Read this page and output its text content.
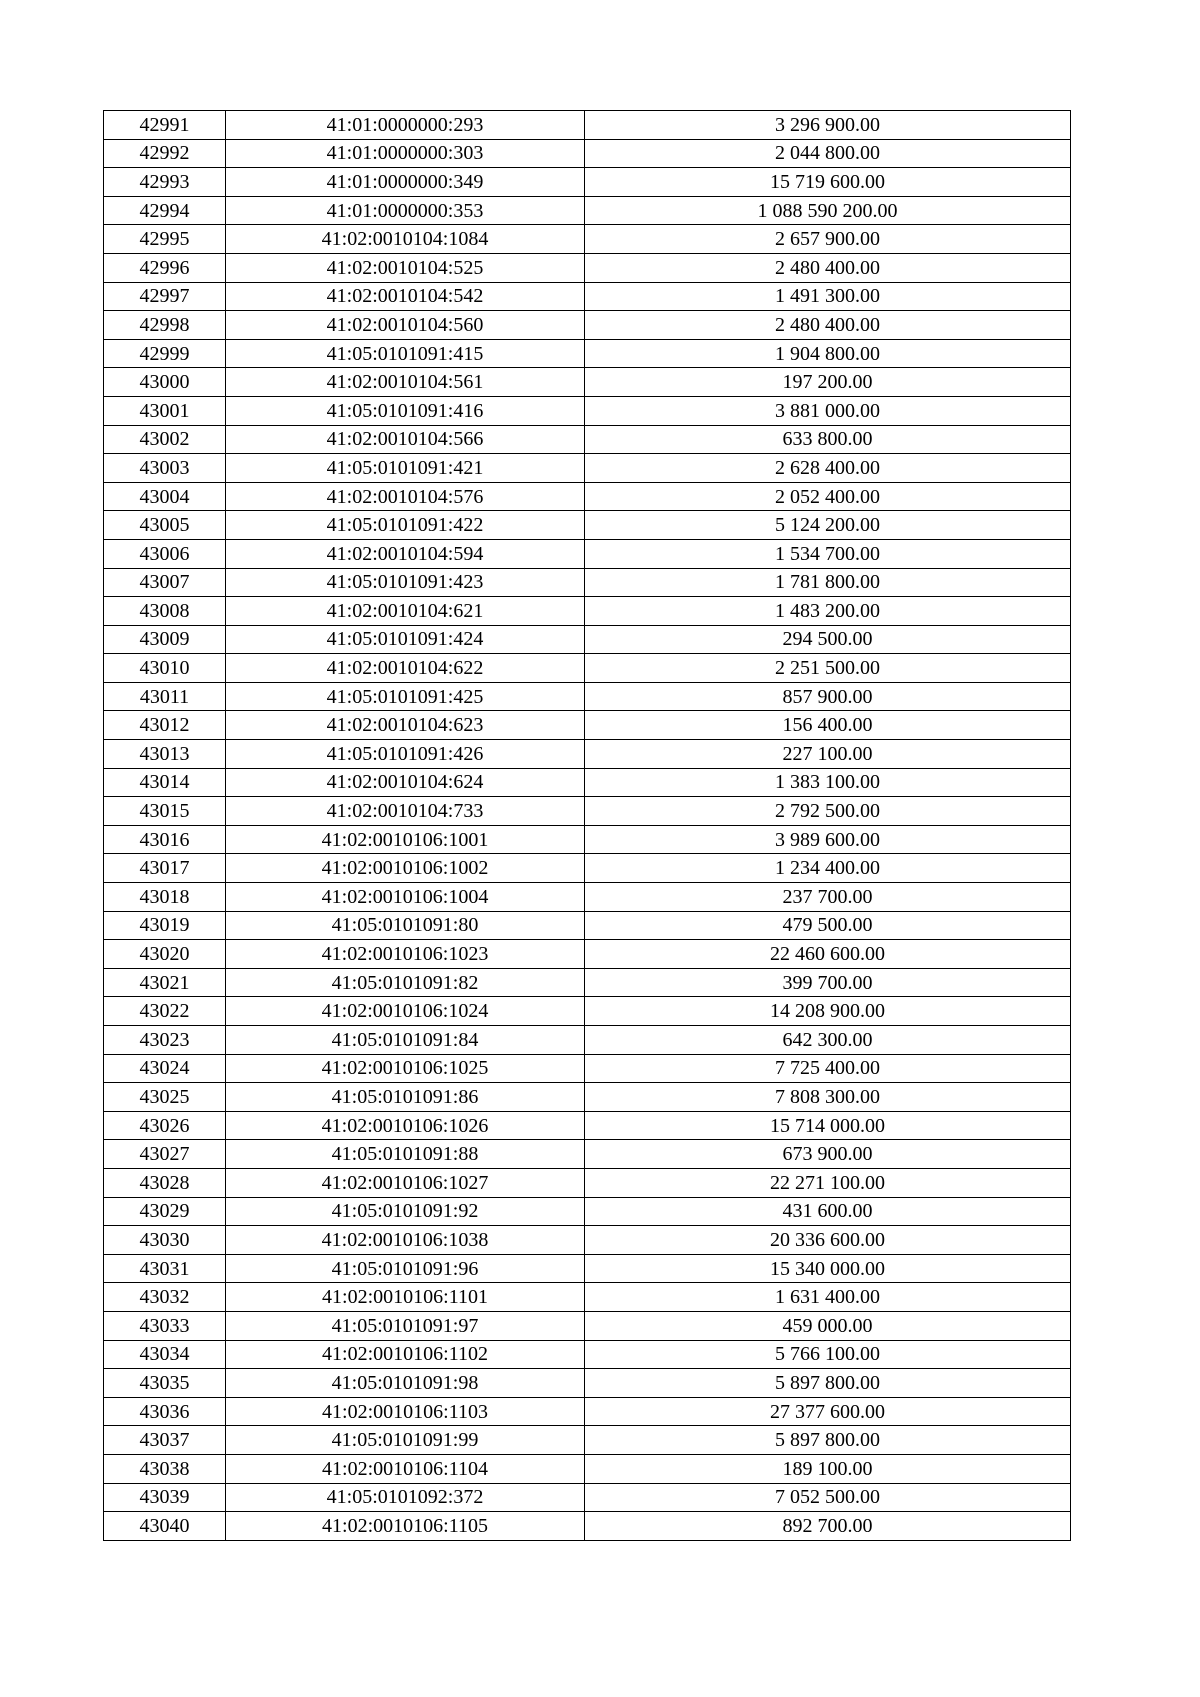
42991	41:01:0000000:293	3 296 900.00
42992	41:01:0000000:303	2 044 800.00
42993	41:01:0000000:349	15 719 600.00
42994	41:01:0000000:353	1 088 590 200.00
42995	41:02:0010104:1084	2 657 900.00
42996	41:02:0010104:525	2 480 400.00
42997	41:02:0010104:542	1 491 300.00
42998	41:02:0010104:560	2 480 400.00
42999	41:05:0101091:415	1 904 800.00
43000	41:02:0010104:561	197 200.00
43001	41:05:0101091:416	3 881 000.00
43002	41:02:0010104:566	633 800.00
43003	41:05:0101091:421	2 628 400.00
43004	41:02:0010104:576	2 052 400.00
43005	41:05:0101091:422	5 124 200.00
43006	41:02:0010104:594	1 534 700.00
43007	41:05:0101091:423	1 781 800.00
43008	41:02:0010104:621	1 483 200.00
43009	41:05:0101091:424	294 500.00
43010	41:02:0010104:622	2 251 500.00
43011	41:05:0101091:425	857 900.00
43012	41:02:0010104:623	156 400.00
43013	41:05:0101091:426	227 100.00
43014	41:02:0010104:624	1 383 100.00
43015	41:02:0010104:733	2 792 500.00
43016	41:02:0010106:1001	3 989 600.00
43017	41:02:0010106:1002	1 234 400.00
43018	41:02:0010106:1004	237 700.00
43019	41:05:0101091:80	479 500.00
43020	41:02:0010106:1023	22 460 600.00
43021	41:05:0101091:82	399 700.00
43022	41:02:0010106:1024	14 208 900.00
43023	41:05:0101091:84	642 300.00
43024	41:02:0010106:1025	7 725 400.00
43025	41:05:0101091:86	7 808 300.00
43026	41:02:0010106:1026	15 714 000.00
43027	41:05:0101091:88	673 900.00
43028	41:02:0010106:1027	22 271 100.00
43029	41:05:0101091:92	431 600.00
43030	41:02:0010106:1038	20 336 600.00
43031	41:05:0101091:96	15 340 000.00
43032	41:02:0010106:1101	1 631 400.00
43033	41:05:0101091:97	459 000.00
43034	41:02:0010106:1102	5 766 100.00
43035	41:05:0101091:98	5 897 800.00
43036	41:02:0010106:1103	27 377 600.00
43037	41:05:0101091:99	5 897 800.00
43038	41:02:0010106:1104	189 100.00
43039	41:05:0101092:372	7 052 500.00
43040	41:02:0010106:1105	892 700.00
